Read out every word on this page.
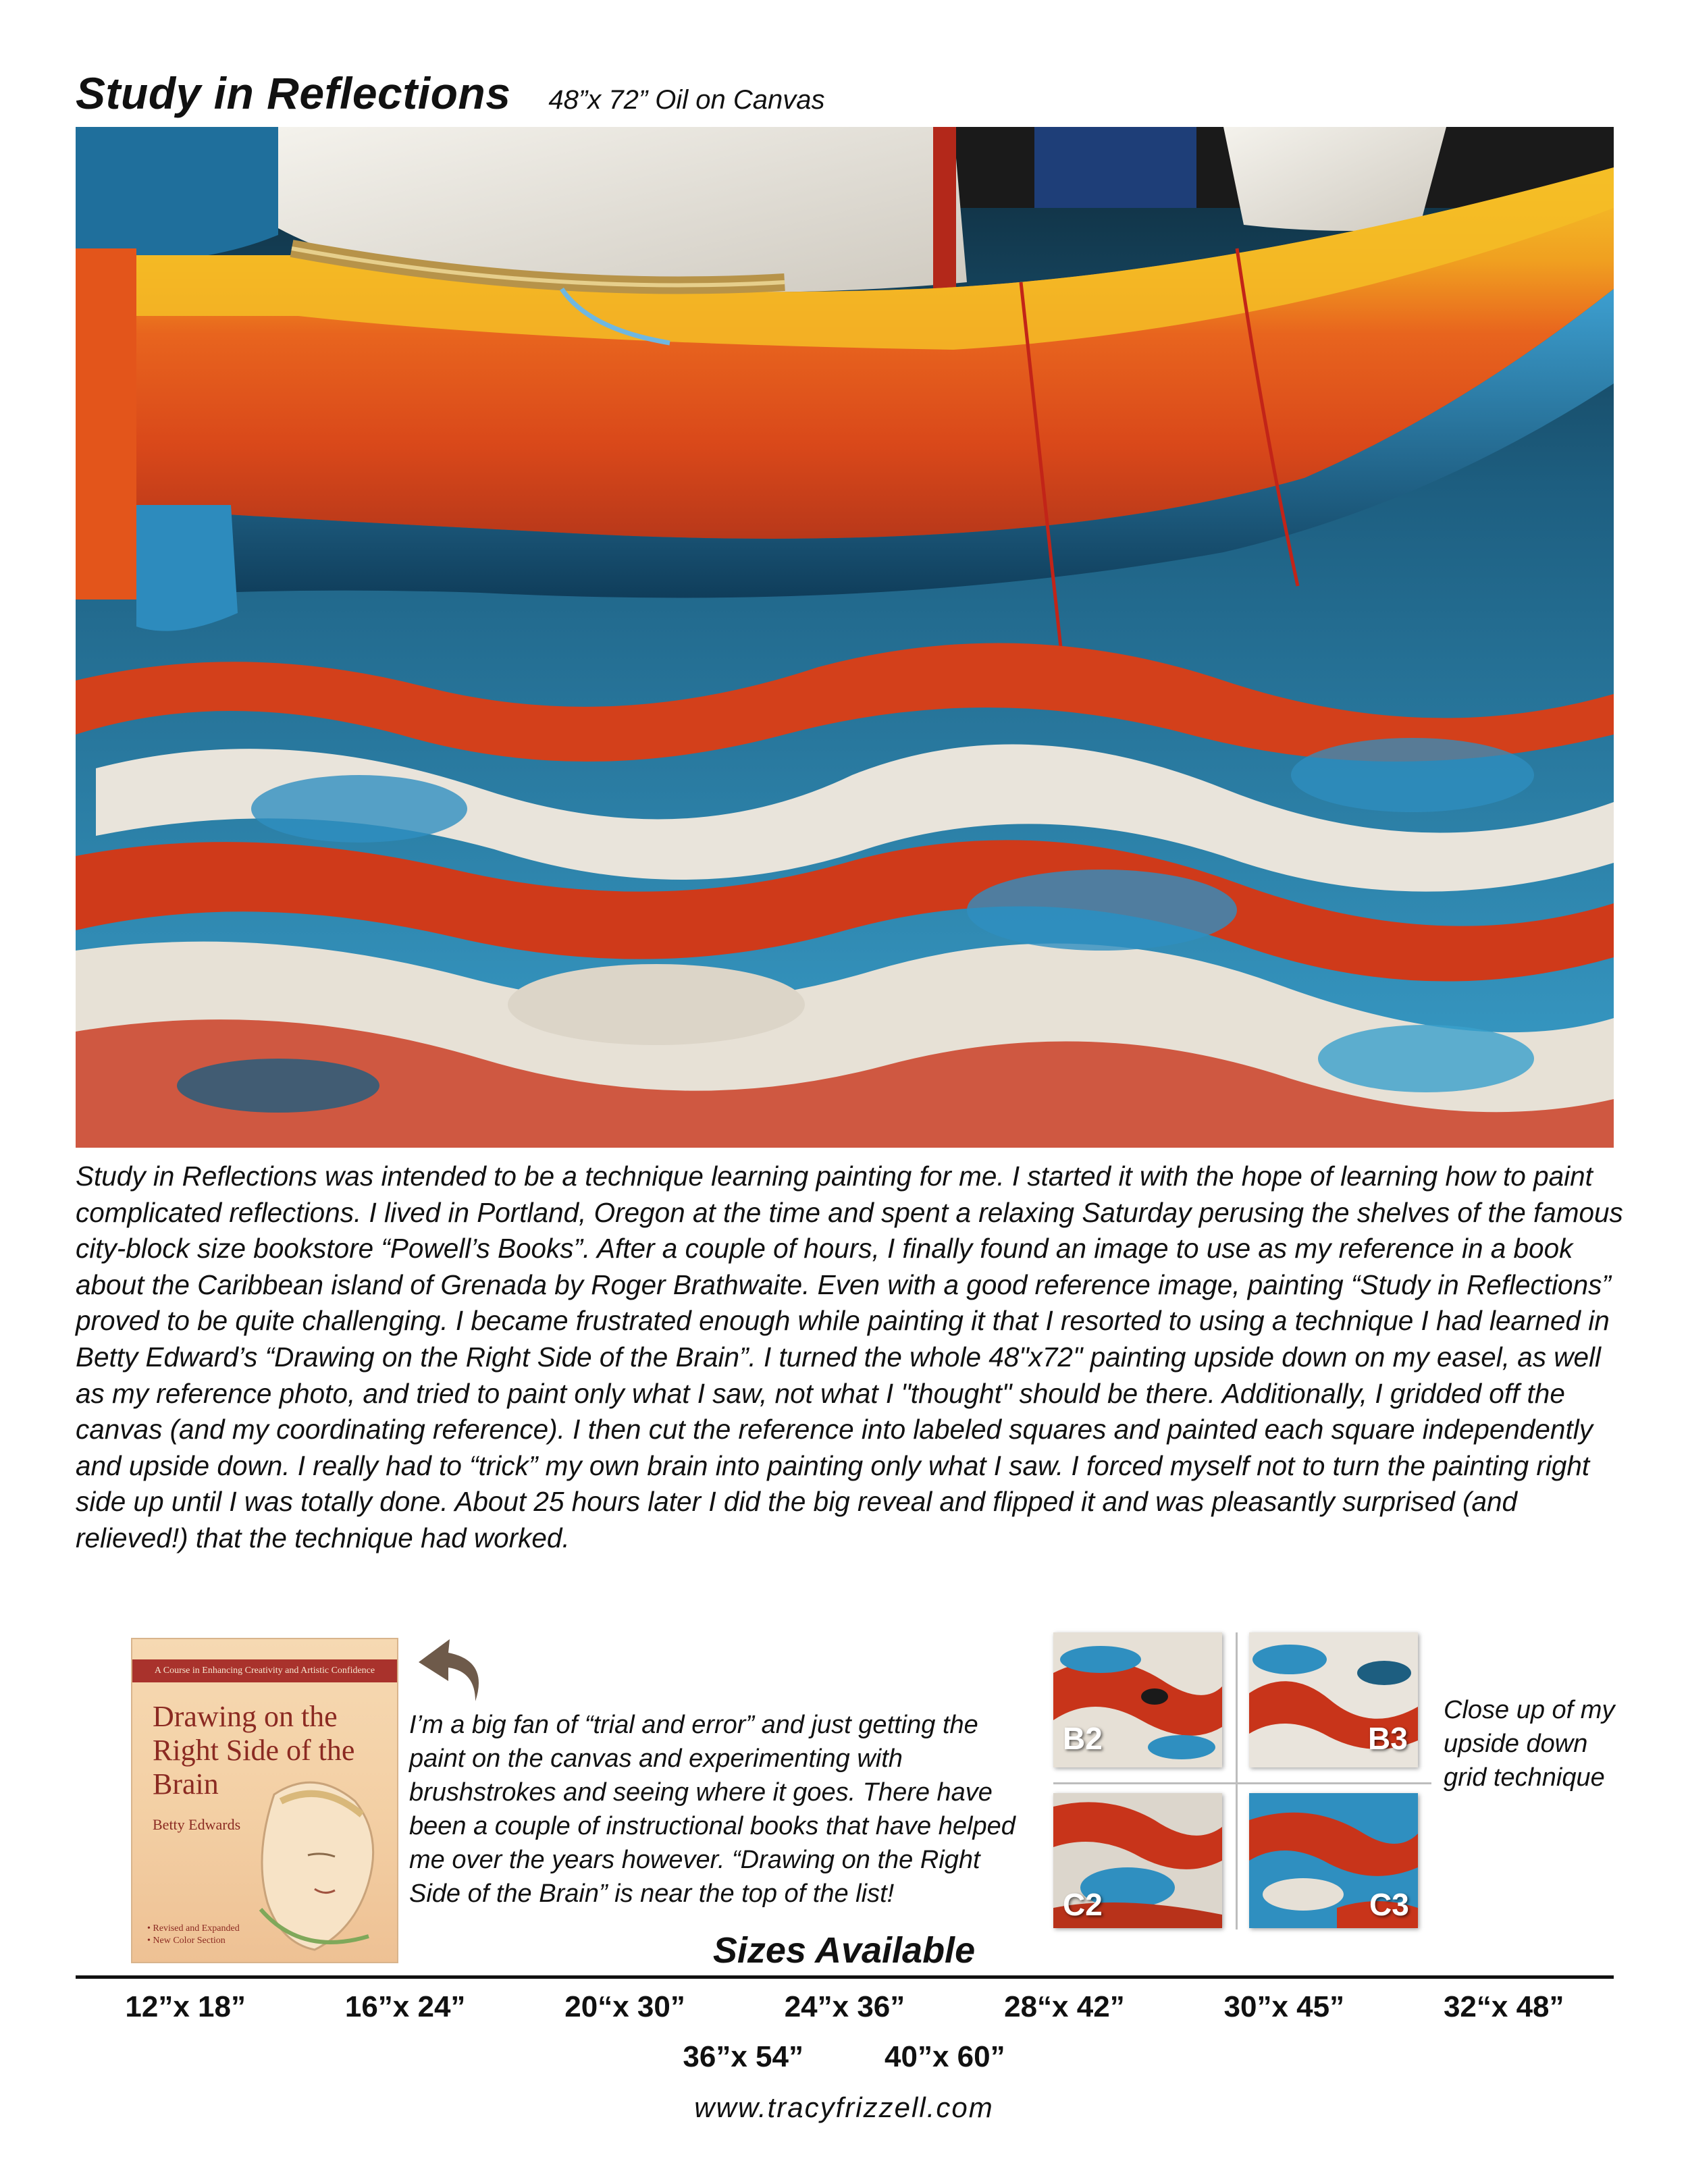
Study in Reflections 48”x 72” Oil on Canvas

Study in Reflections was intended to be a technique learning painting for me. I started it with the hope of learning how to paint complicated reflections. I lived in Portland, Oregon at the time and spent a relaxing Saturday perusing the shelves of the famous city-block size bookstore “Powell’s Books”. After a couple of hours, I finally found an image to use as my reference in a book about the Caribbean island of Grenada by Roger Brathwaite. Even with a good reference image, painting “Study in Reflections” proved to be quite challenging. I became frustrated enough while painting it that I resorted to using a technique I had learned in Betty Edward’s “Drawing on the Right Side of the Brain”. I turned the whole 48"x72" painting upside down on my easel, as well as my reference photo, and tried to paint only what I saw, not what I "thought" should be there. Additionally, I gridded off the canvas (and my coordinating reference). I then cut the reference into labeled squares and painted each square independently and upside down. I really had to “trick” my own brain into painting only what I saw. I forced myself not to turn the painting right side up until I was totally done. About 25 hours later I did the big reveal and flipped it and was pleasantly surprised (and relieved!) that the technique had worked.

A Course in Enhancing Creativity and Artistic Confidence
Drawing on the Right Side of the Brain
Betty Edwards
• Revised and Expanded
• New Color Section

I’m a big fan of “trial and error” and just getting the paint on the canvas and experimenting with brushstrokes and seeing where it goes. There have been a couple of instructional books that have helped me over the years however. “Drawing on the Right Side of the Brain” is near the top of the list!

B2	B3
C2	C3

Close up of my upside down grid technique

Sizes Available
12”x 18”	16”x 24”	20“x 30”	24”x 36”	28“x 42”	30”x 45”	32“x 48”
36”x 54”	40”x 60”
www.tracyfrizzell.com
